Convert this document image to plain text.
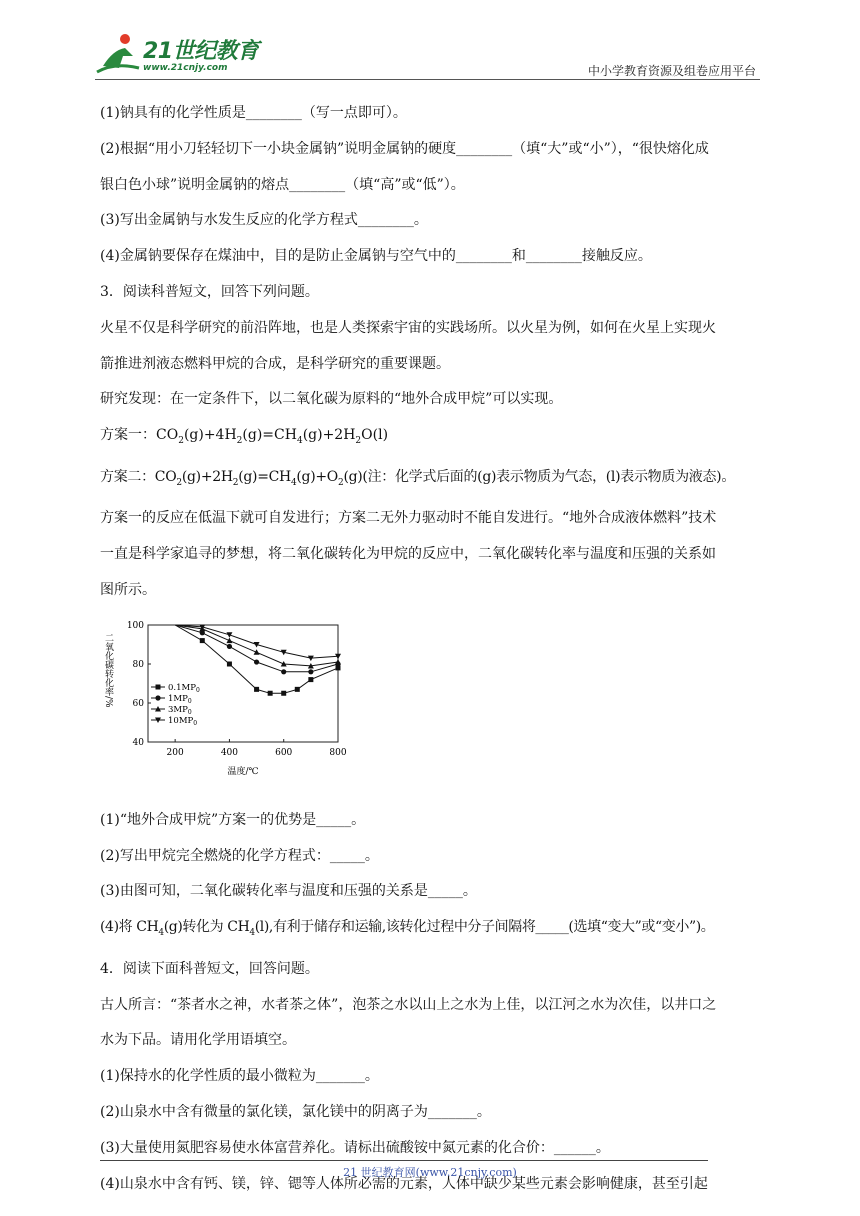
21世纪教育
www.21cnjy.com	中小学教育资源及组卷应用平台

(1)钠具有的化学性质是________（写一点即可）。

(2)根据“用小刀轻轻切下一小块金属钠”说明金属钠的硬度________（填“大”或“小”），“很快熔化成

银白色小球”说明金属钠的熔点________（填“高”或“低”）。

(3)写出金属钠与水发生反应的化学方程式________。

(4)金属钠要保存在煤油中，目的是防止金属钠与空气中的________和________接触反应。

3．阅读科普短文，回答下列问题。

火星不仅是科学研究的前沿阵地，也是人类探索宇宙的实践场所。以火星为例，如何在火星上实现火

箭推进剂液态燃料甲烷的合成，是科学研究的重要课题。

研究发现：在一定条件下，以二氧化碳为原料的“地外合成甲烷”可以实现。

方案一：$CO_2(g)+4H_2(g)=CH_4(g)+2H_2O(l)$

方案二：$CO_2(g)+2H_2(g)=CH_4(g)+O_2(g)$(注：化学式后面的(g)表示物质为气态，(l)表示物质为液态)。

方案一的反应在低温下就可自发进行；方案二无外力驱动时不能自发进行。“地外合成液体燃料”技术

一直是科学家追寻的梦想，将二氧化碳转化为甲烷的反应中，二氧化碳转化率与温度和压强的关系如

图所示。

200	400	600	800
40
60
80
100
温度/℃
二氧化碳转化率/%	$0.1MP_0$
$1MP_0$
$3MP_0$
$10MP_0$

(1)“地外合成甲烷”方案一的优势是_____。

(2)写出甲烷完全燃烧的化学方程式：_____。

(3)由图可知，二氧化碳转化率与温度和压强的关系是_____。

(4)将 $CH_4(g)$转化为 $CH_4(l)$,有利于储存和运输,该转化过程中分子间隔将_____(选填“变大”或“变小”)。

4．阅读下面科普短文，回答问题。

古人所言：“茶者水之神，水者茶之体”，泡茶之水以山上之水为上佳，以江河之水为次佳，以井口之

水为下品。请用化学用语填空。

(1)保持水的化学性质的最小微粒为_______。

(2)山泉水中含有微量的氯化镁，氯化镁中的阴离子为_______。

(3)大量使用氮肥容易使水体富营养化。请标出硫酸铵中氮元素的化合价：______。

(4)山泉水中含有钙、镁，锌、锶等人体所必需的元素，人体中缺少某些元素会影响健康，甚至引起

21 世纪教育网(www.21cnjy.com)
